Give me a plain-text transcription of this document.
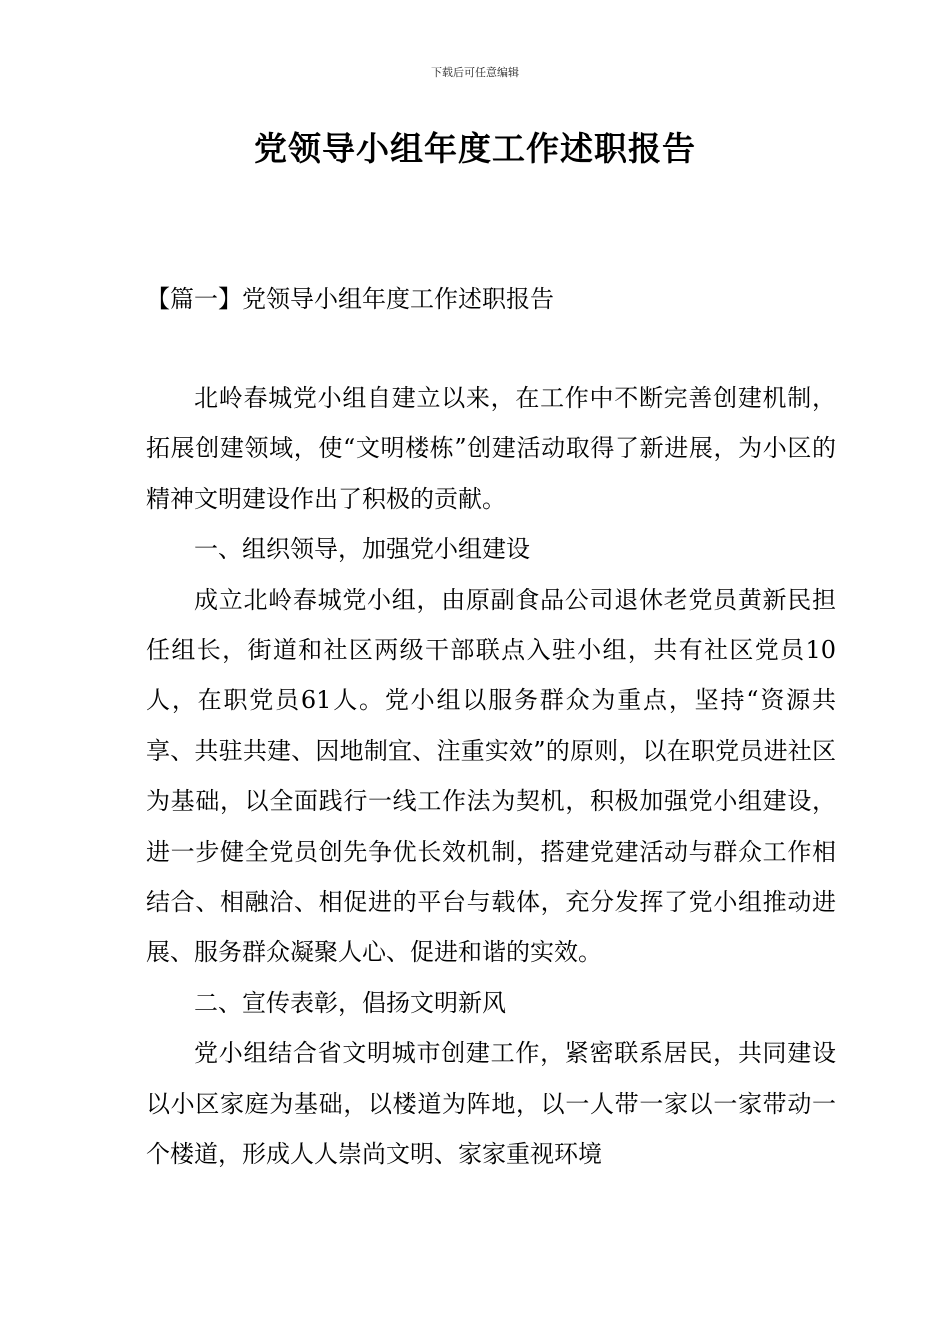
下载后可任意编辑
党领导小组年度工作述职报告
【篇一】党领导小组年度工作述职报告

北岭春城党小组自建立以来，在工作中不断完善创建机制，拓展创建领域，使“文明楼栋”创建活动取得了新进展，为小区的精神文明建设作出了积极的贡献。

一、组织领导，加强党小组建设

成立北岭春城党小组，由原副食品公司退休老党员黄新民担任组长，街道和社区两级干部联点入驻小组，共有社区党员10人，在职党员61人。党小组以服务群众为重点，坚持“资源共享、共驻共建、因地制宜、注重实效”的原则，以在职党员进社区为基础，以全面践行一线工作法为契机，积极加强党小组建设，进一步健全党员创先争优长效机制，搭建党建活动与群众工作相结合、相融洽、相促进的平台与载体，充分发挥了党小组推动进展、服务群众凝聚人心、促进和谐的实效。

二、宣传表彰，倡扬文明新风

党小组结合省文明城市创建工作，紧密联系居民，共同建设以小区家庭为基础，以楼道为阵地，以一人带一家以一家带动一个楼道，形成人人崇尚文明、家家重视环境
